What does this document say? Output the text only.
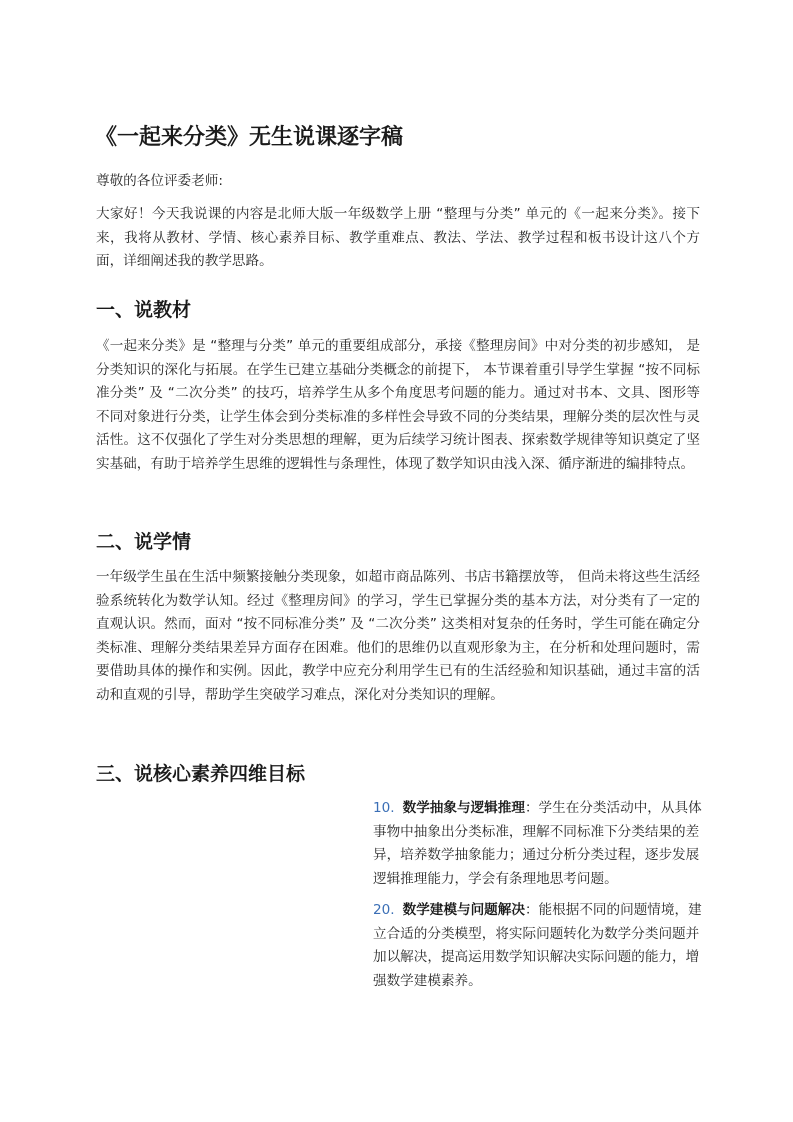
《一起来分类》无生说课逐字稿

尊敬的各位评委老师:

大家好！今天我说课的内容是北师大版一年级数学上册 “整理与分类” 单元的《一起来分类》。接下来，我将从教材、学情、核心素养目标、教学重难点、教法、学法、教学过程和板书设计这八个方面，详细阐述我的教学思路。

一、说教材

《一起来分类》是 “整理与分类” 单元的重要组成部分，承接《整理房间》中对分类的初步感知， 是分类知识的深化与拓展。在学生已建立基础分类概念的前提下， 本节课着重引导学生掌握 “按不同标准分类” 及 “二次分类” 的技巧，培养学生从多个角度思考问题的能力。通过对书本、文具、图形等不同对象进行分类，让学生体会到分类标准的多样性会导致不同的分类结果，理解分类的层次性与灵活性。这不仅强化了学生对分类思想的理解，更为后续学习统计图表、探索数学规律等知识奠定了坚实基础，有助于培养学生思维的逻辑性与条理性，体现了数学知识由浅入深、循序渐进的编排特点。

二、说学情

一年级学生虽在生活中频繁接触分类现象，如超市商品陈列、书店书籍摆放等， 但尚未将这些生活经验系统转化为数学认知。经过《整理房间》的学习，学生已掌握分类的基本方法，对分类有了一定的直观认识。然而，面对 “按不同标准分类” 及 “二次分类” 这类相对复杂的任务时，学生可能在确定分类标准、理解分类结果差异方面存在困难。他们的思维仍以直观形象为主，在分析和处理问题时，需要借助具体的操作和实例。因此，教学中应充分利用学生已有的生活经验和知识基础，通过丰富的活动和直观的引导，帮助学生突破学习难点，深化对分类知识的理解。

三、说核心素养四维目标
10. 数学抽象与逻辑推理：学生在分类活动中，从具体事物中抽象出分类标准，理解不同标准下分类结果的差异，培养数学抽象能力；通过分析分类过程，逐步发展逻辑推理能力，学会有条理地思考问题。
20. 数学建模与问题解决：能根据不同的问题情境，建立合适的分类模型，将实际问题转化为数学分类问题并加以解决，提高运用数学知识解决实际问题的能力，增强数学建模素养。
